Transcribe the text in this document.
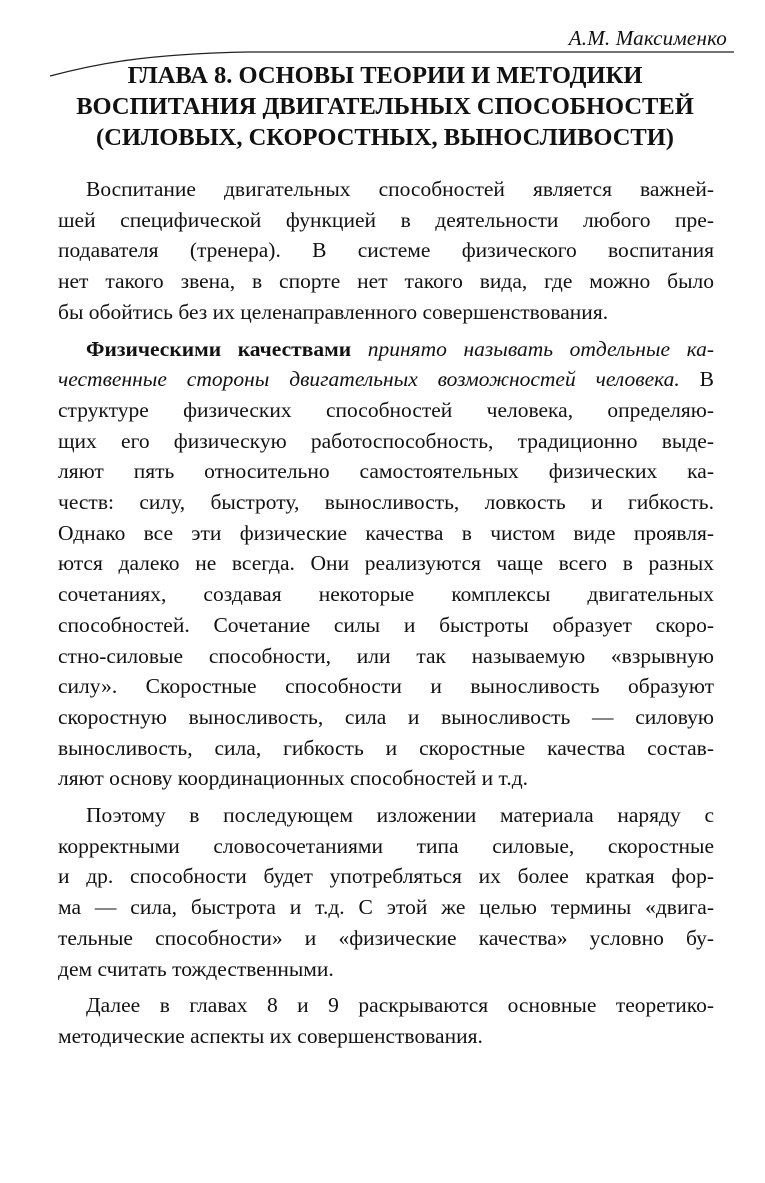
А.М. Максименко
ГЛАВА 8. ОСНОВЫ ТЕОРИИ И МЕТОДИКИ
ВОСПИТАНИЯ ДВИГАТЕЛЬНЫХ СПОСОБНОСТЕЙ
(СИЛОВЫХ, СКОРОСТНЫХ, ВЫНОСЛИВОСТИ)
Воспитание двигательных способностей является важней-
шей специфической функцией в деятельности любого пре-
подавателя (тренера). В системе физического воспитания
нет такого звена, в спорте нет такого вида, где можно было
бы обойтись без их целенаправленного совершенствования.
Физическими качествами принято называть отдельные ка-
чественные стороны двигательных возможностей человека. В
структуре физических способностей человека, определяю-
щих его физическую работоспособность, традиционно выде-
ляют пять относительно самостоятельных физических ка-
честв: силу, быстроту, выносливость, ловкость и гибкость.
Однако все эти физические качества в чистом виде проявля-
ются далеко не всегда. Они реализуются чаще всего в разных
сочетаниях, создавая некоторые комплексы двигательных
способностей. Сочетание силы и быстроты образует скоро-
стно-силовые способности, или так называемую «взрывную
силу». Скоростные способности и выносливость образуют
скоростную выносливость, сила и выносливость — силовую
выносливость, сила, гибкость и скоростные качества состав-
ляют основу координационных способностей и т.д.
Поэтому в последующем изложении материала наряду с
корректными словосочетаниями типа силовые, скоростные
и др. способности будет употребляться их более краткая фор-
ма — сила, быстрота и т.д. С этой же целью термины «двига-
тельные способности» и «физические качества» условно бу-
дем считать тождественными.
Далее в главах 8 и 9 раскрываются основные теоретико-
методические аспекты их совершенствования.
